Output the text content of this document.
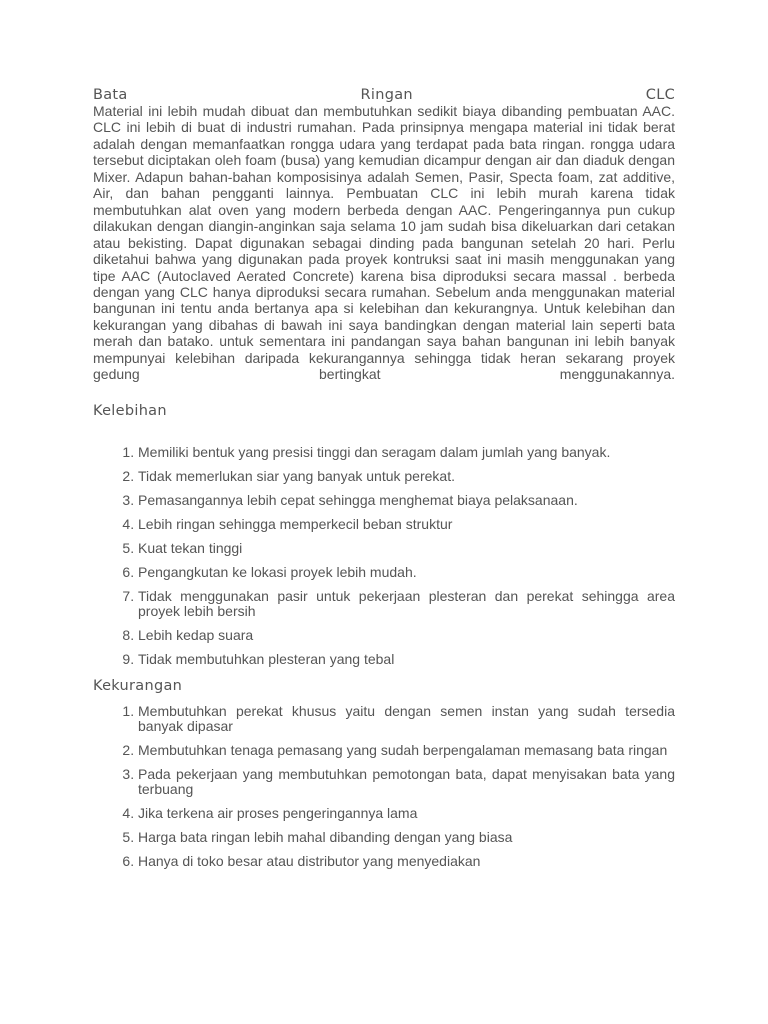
Bata	Ringan	CLC

Material ini lebih mudah dibuat dan membutuhkan sedikit biaya dibanding pembuatan AAC. CLC ini lebih di buat di industri rumahan. Pada prinsipnya mengapa material ini tidak berat adalah dengan memanfaatkan rongga udara yang terdapat pada bata ringan. rongga udara tersebut diciptakan oleh foam (busa) yang kemudian dicampur dengan air dan diaduk dengan Mixer. Adapun bahan-bahan komposisinya adalah Semen, Pasir, Specta foam, zat additive, Air, dan bahan pengganti lainnya. Pembuatan CLC ini lebih murah karena tidak membutuhkan alat oven yang modern berbeda dengan AAC. Pengeringannya pun cukup dilakukan dengan diangin-anginkan saja selama 10 jam sudah bisa dikeluarkan dari cetakan atau bekisting. Dapat digunakan sebagai dinding pada bangunan setelah 20 hari. Perlu diketahui bahwa yang digunakan pada proyek kontruksi saat ini masih menggunakan yang tipe AAC (Autoclaved Aerated Concrete) karena bisa diproduksi secara massal . berbeda dengan yang CLC hanya diproduksi secara rumahan. Sebelum anda menggunakan material bangunan ini tentu anda bertanya apa si kelebihan dan kekurangnya. Untuk kelebihan dan kekurangan yang dibahas di bawah ini saya bandingkan dengan material lain seperti bata merah dan batako. untuk sementara ini pandangan saya bahan bangunan ini lebih banyak mempunyai kelebihan daripada kekurangannya sehingga tidak heran sekarang proyek gedung bertingkat menggunakannya.

Kelebihan
1. Memiliki bentuk yang presisi tinggi dan seragam dalam jumlah yang banyak.
2. Tidak memerlukan siar yang banyak untuk perekat.
3. Pemasangannya lebih cepat sehingga menghemat biaya pelaksanaan.
4. Lebih ringan sehingga memperkecil beban struktur
5. Kuat tekan tinggi
6. Pengangkutan ke lokasi proyek lebih mudah.
7. Tidak menggunakan pasir untuk pekerjaan plesteran dan perekat sehingga area proyek lebih bersih
8. Lebih kedap suara
9. Tidak membutuhkan plesteran yang tebal
Kekurangan
1. Membutuhkan perekat khusus yaitu dengan semen instan yang sudah tersedia banyak dipasar
2. Membutuhkan tenaga pemasang yang sudah berpengalaman memasang bata ringan
3. Pada pekerjaan yang membutuhkan pemotongan bata, dapat menyisakan bata yang terbuang
4. Jika terkena air proses pengeringannya lama
5. Harga bata ringan lebih mahal dibanding dengan yang biasa
6. Hanya di toko besar atau distributor yang menyediakan
